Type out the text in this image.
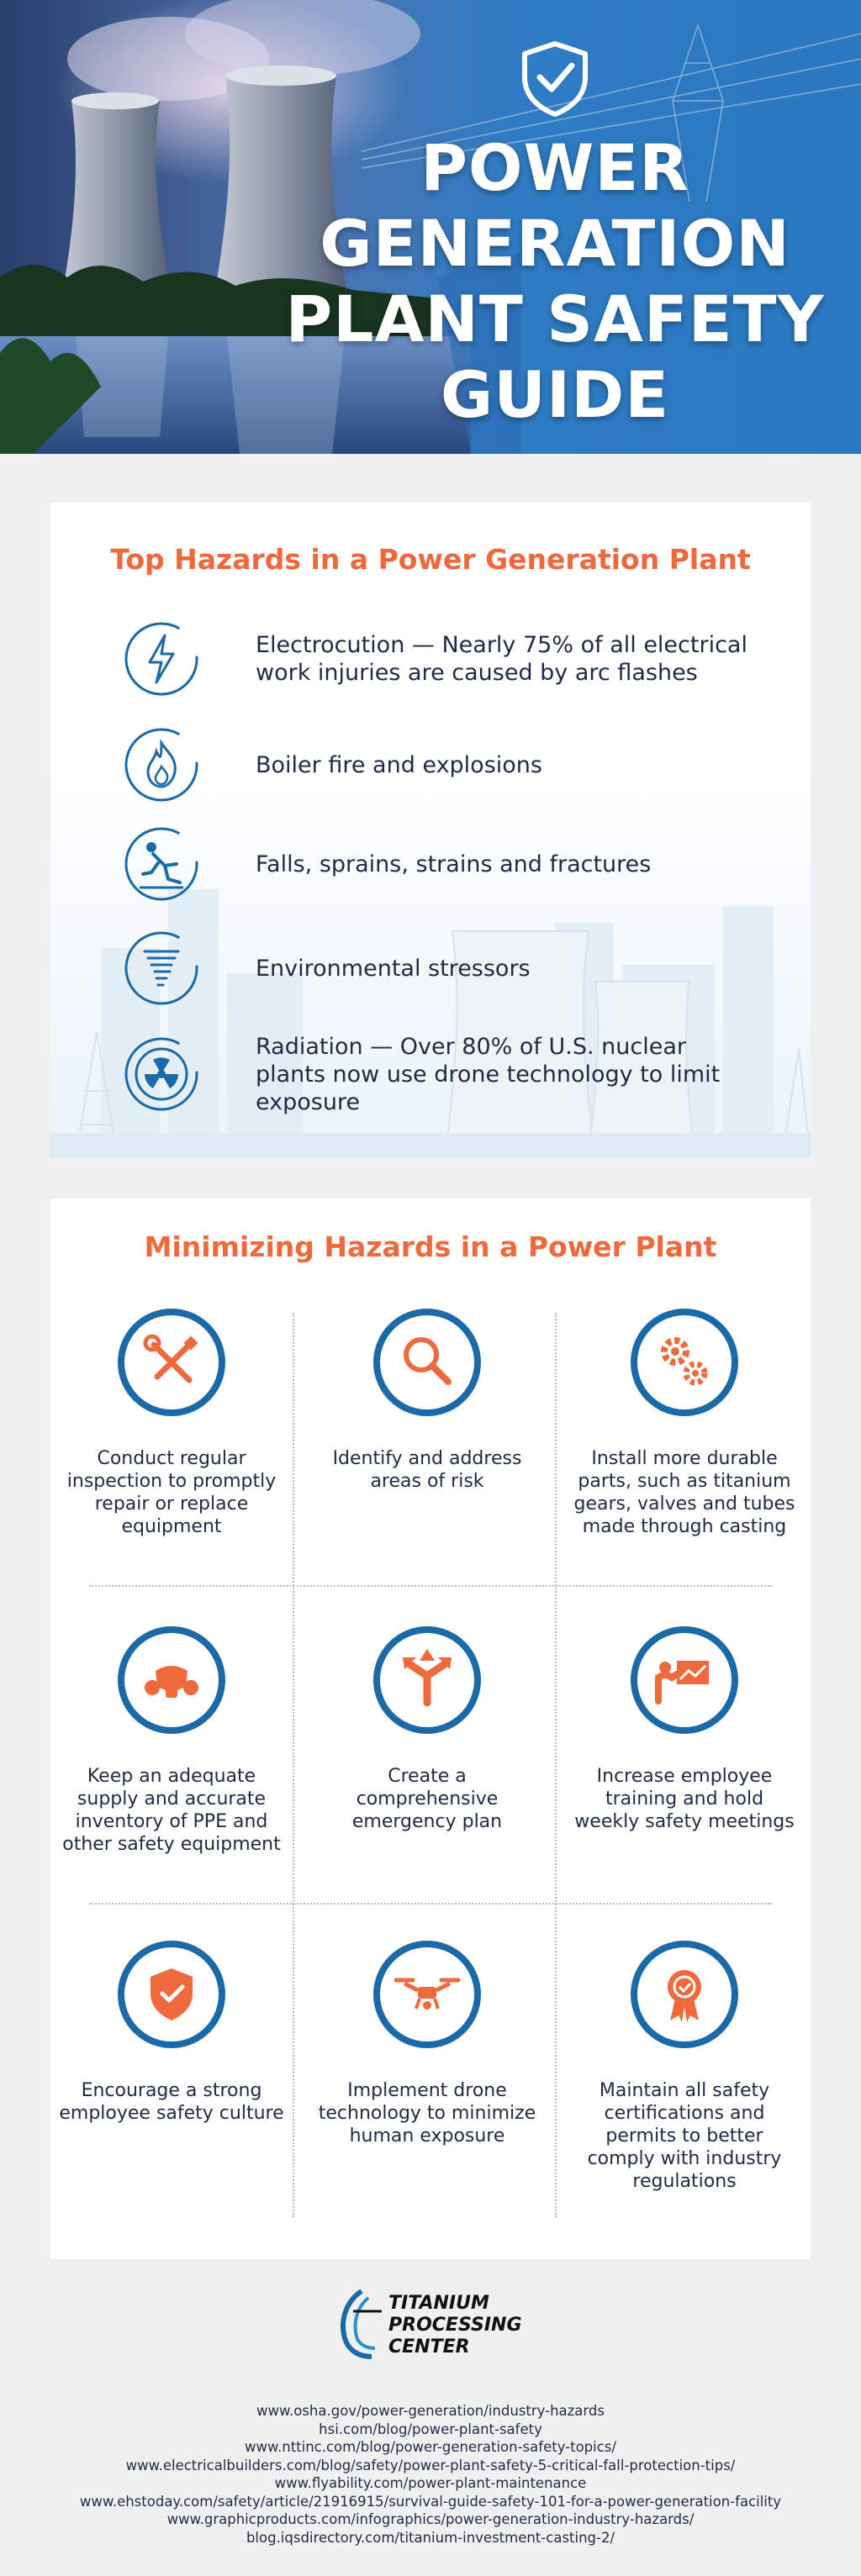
POWER
GENERATION
PLANT SAFETY
GUIDE
Top Hazards in a Power Generation Plant
Electrocution — Nearly 75% of all electrical work injuries are caused by arc flashes
Boiler fire and explosions
Falls, sprains, strains and fractures
Environmental stressors
Radiation — Over 80% of U.S. nuclear plants now use drone technology to limit exposure
Minimizing Hazards in a Power Plant
Conduct regular inspection to promptly repair or replace equipment
Identify and address areas of risk
Install more durable parts, such as titanium gears, valves and tubes made through casting
Keep an adequate supply and accurate inventory of PPE and other safety equipment
Create a comprehensive emergency plan
Increase employee training and hold weekly safety meetings
Encourage a strong employee safety culture
Implement drone technology to minimize human exposure
Maintain all safety certifications and permits to better comply with industry regulations
TITANIUM
PROCESSING
CENTER
www.osha.gov/power-generation/industry-hazards
hsi.com/blog/power-plant-safety
www.nttinc.com/blog/power-generation-safety-topics/
www.electricalbuilders.com/blog/safety/power-plant-safety-5-critical-fall-protection-tips/
www.flyability.com/power-plant-maintenance
www.ehstoday.com/safety/article/21916915/survival-guide-safety-101-for-a-power-generation-facility
www.graphicproducts.com/infographics/power-generation-industry-hazards/
blog.iqsdirectory.com/titanium-investment-casting-2/
